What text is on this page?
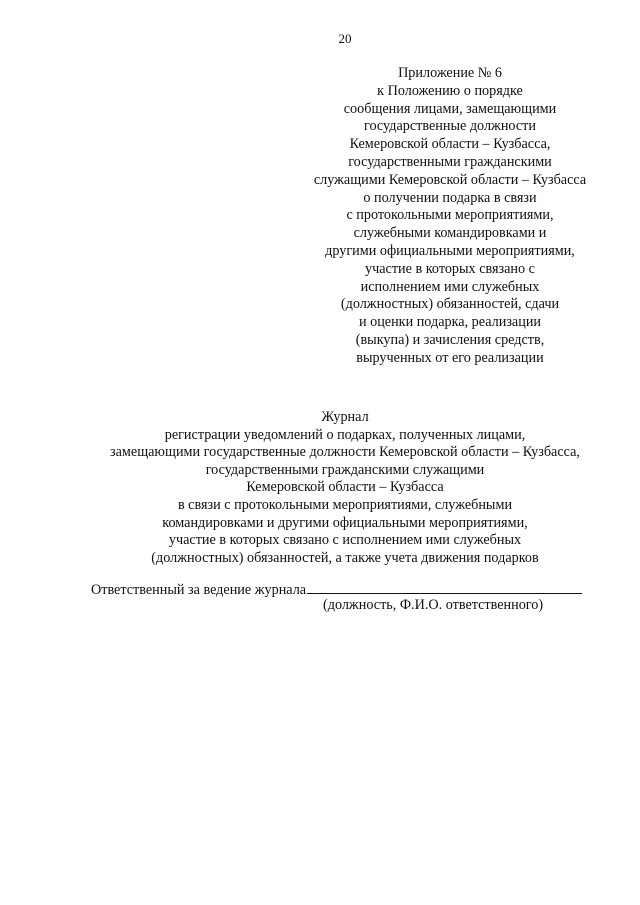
20
Приложение № 6
к Положению о порядке
сообщения лицами, замещающими
государственные должности
Кемеровской области – Кузбасса,
государственными гражданскими
служащими Кемеровской области – Кузбасса
о получении подарка в связи
с протокольными мероприятиями,
служебными командировками и
другими официальными мероприятиями,
участие в которых связано с
исполнением ими служебных
(должностных) обязанностей, сдачи
и оценки подарка, реализации
(выкупа) и зачисления средств,
вырученных от его реализации
Журнал
регистрации уведомлений о подарках, полученных лицами,
замещающими государственные должности Кемеровской области – Кузбасса,
государственными гражданскими служащими
Кемеровской области – Кузбасса
в связи с протокольными мероприятиями, служебными
командировками и другими официальными мероприятиями,
участие в которых связано с исполнением ими служебных
(должностных) обязанностей, а также учета движения подарков
Ответственный за ведение журнала
(должность, Ф.И.О. ответственного)
